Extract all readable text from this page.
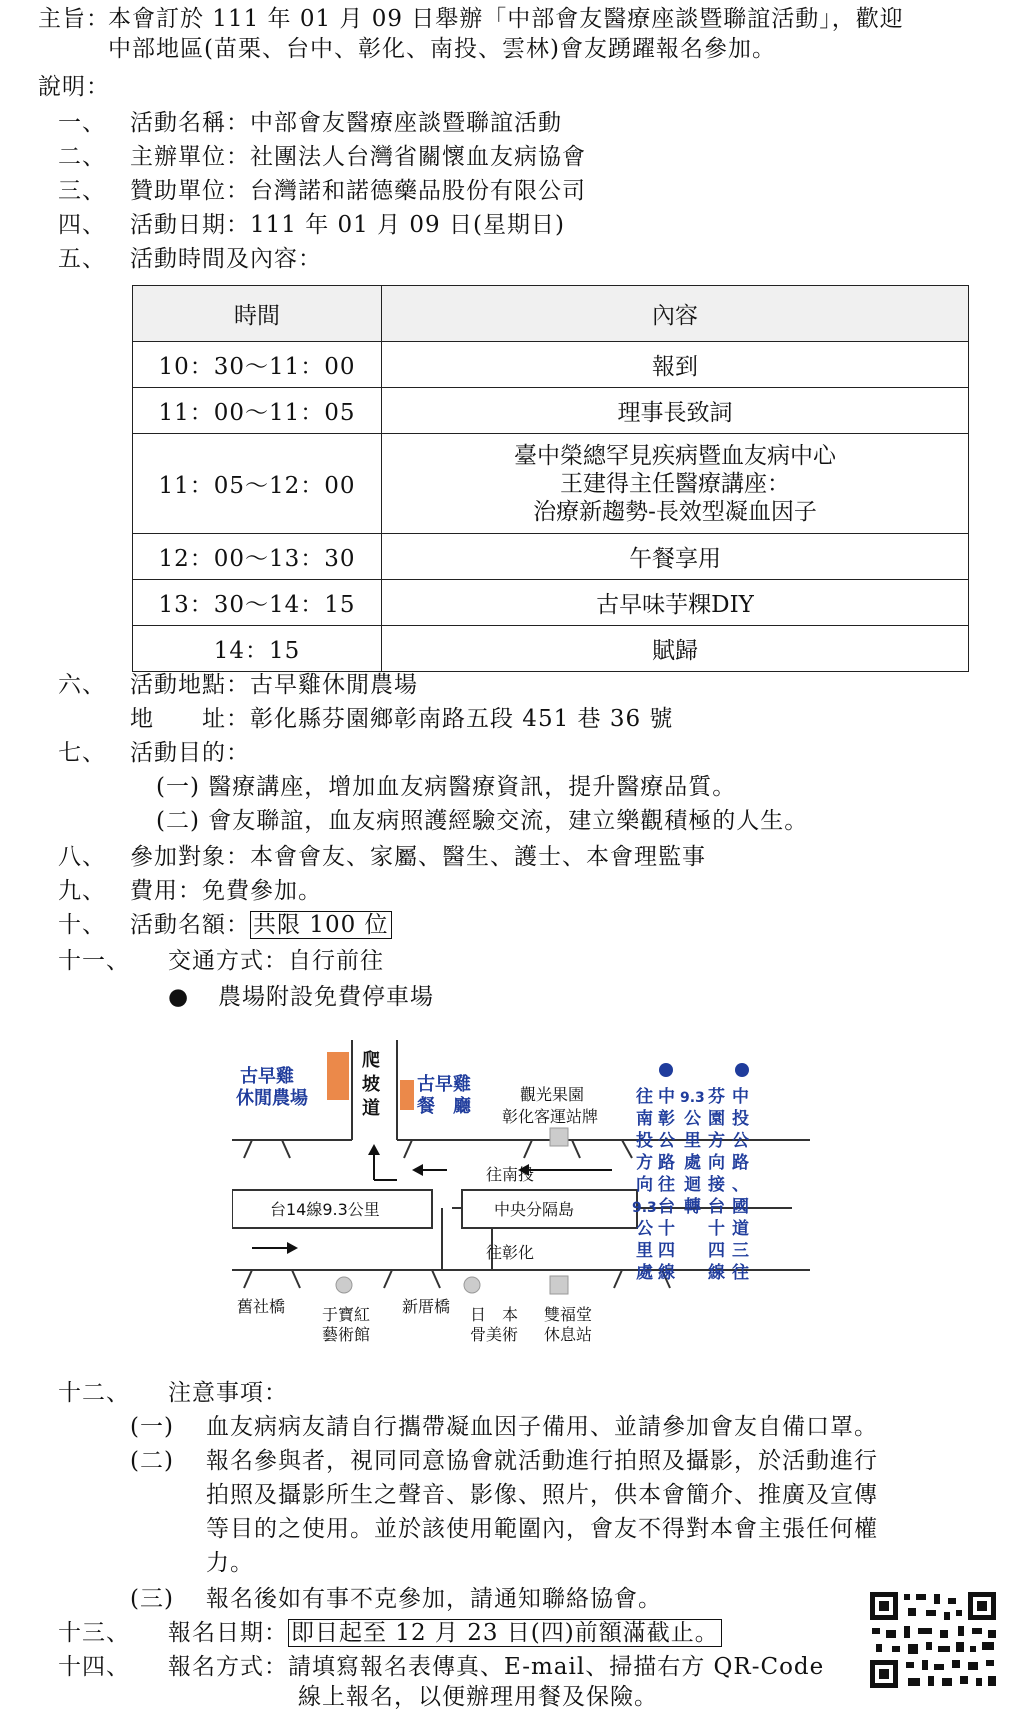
主旨：
本會訂於 111 年 01 月 09 日舉辦「中部會友醫療座談暨聯誼活動」，歡迎
中部地區(苗栗、台中、彰化、南投、雲林)會友踴躍報名參加。
說明：
一、 活動名稱：中部會友醫療座談暨聯誼活動
二、 主辦單位：社團法人台灣省關懷血友病協會
三、 贊助單位：台灣諾和諾德藥品股份有限公司
四、 活動日期：111 年 01 月 09 日(星期日)
五、 活動時間及內容：
時間	內容
10：30～11：00	報到
11：00～11：05	理事長致詞
11：05～12：00	臺中榮總罕見疾病暨血友病中心
王建得主任醫療講座：
治療新趨勢-長效型凝血因子

12：00～13：30	午餐享用
13：30～14：15	古早味芋粿DIY
14：15	賦歸
六、 活動地點：古早雞休閒農場
地　　址：彰化縣芬園鄉彰南路五段 451 巷 36 號
七、 活動目的：
(一) 醫療講座，增加血友病醫療資訊，提升醫療品質。
(二) 會友聯誼，血友病照護經驗交流，建立樂觀積極的人生。
八、 參加對象：本會會友、家屬、醫生、護士、本會理監事
九、 費用：免費參加。
十、 活動名額： 共限 100 位
十一、 交通方式：自行前往
● 農場附設免費停車場
古早雞
休閒農場
爬
坡
道
古早雞
餐　廳
觀光果園
彰化客運站牌
往南投
台14線9.3公里	中央分隔島
往彰化
舊社橋 于寶紅
藝術館
新厝橋 日　本
骨美術
雙福堂
休息站
往
南
投
方
向
9.3
公
里
處
中
彰
公
路
往
台
十
四
線
9.3
公
里
處
迴
轉
芬
園
方
向
接
台
十
四
線
中
投
公
路
、
國
道
三
往
十二、 注意事項：
(一) 血友病病友請自行攜帶凝血因子備用、並請參加會友自備口罩。
(二) 報名參與者，視同同意協會就活動進行拍照及攝影，於活動進行
拍照及攝影所生之聲音、影像、照片，供本會簡介、推廣及宣傳
等目的之使用。並於該使用範圍內，會友不得對本會主張任何權
力。
(三) 報名後如有事不克參加，請通知聯絡協會。
十三、 報名日期： 即日起至 12 月 23 日(四)前額滿截止。
十四、 報名方式：請填寫報名表傳真、E-mail、掃描右方 QR-Code
線上報名，以便辦理用餐及保險。
